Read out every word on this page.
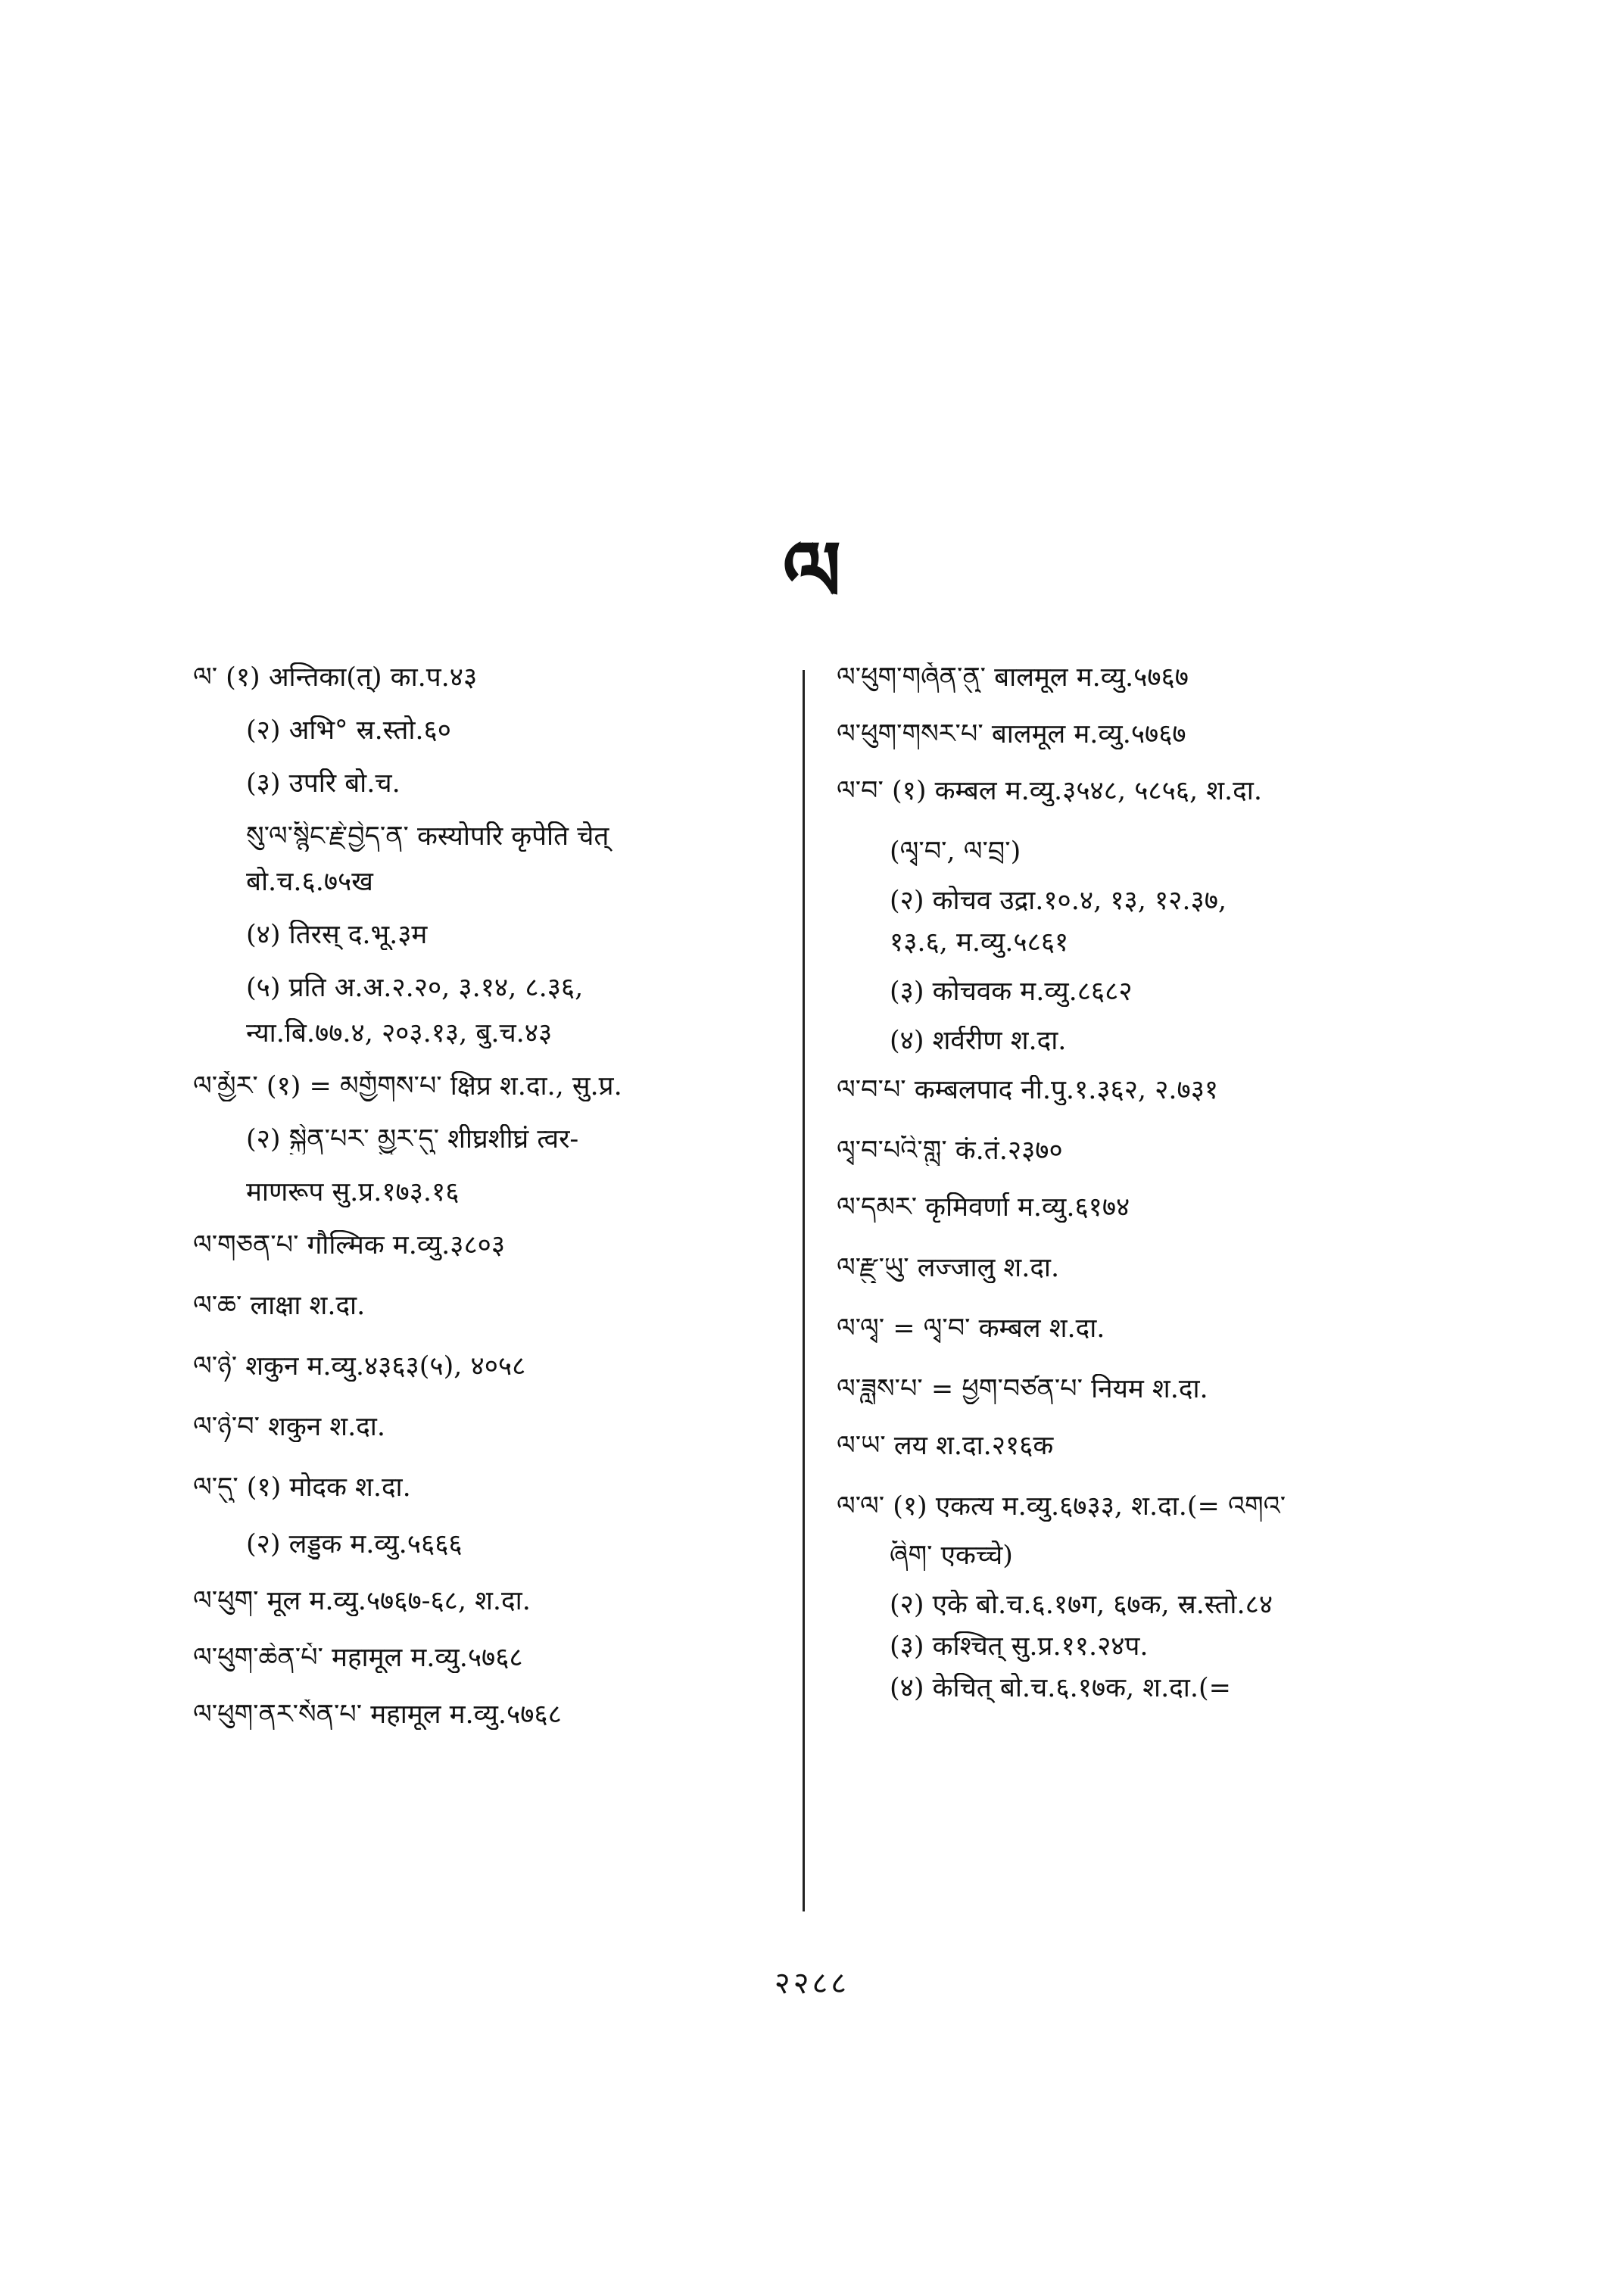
ལ
ལ་ (१) अन्तिका(त्) का.प.४३
(२) अभि° स्र.स्तो.६०
(३) उपरि बो.च.
སུ་ལ་སྙིང་རྗེ་བྱེད་ན་ कस्योपरि कृपेति चेत्
बो.च.६.७५ख
(४) तिरस् द.भू.३म
(५) प्रति अ.अ.२.२०, ३.१४, ८.३६,
न्या.बि.७७.४, २०३.१३, बु.च.४३
ལ་མྱོར་ (१) = མགྱོགས་པ་ क्षिप्र श.दा., सु.प्र.
(२) སྐྱེན་པར་ མྱུར་དུ་ शीघ्रशीघ्रं त्वर-
माणरूप सु.प्र.१७३.१६
ལ་གཅན་པ་ गौल्मिक म.व्यु.३८०३
ལ་ཆ་ लाक्षा श.दा.
ལ་ཉེ་ शकुन म.व्यु.४३६३(५), ४०५८
ལ་ཉེ་བ་ शकुन श.दा.
ལ་དུ་ (१) मोदक श.दा.
(२) लड्डुक म.व्यु.५६६६
ལ་ཕུག་ मूल म.व्यु.५७६७-६८, श.दा.
ལ་ཕུག་ཆེན་པོ་ महामूल म.व्यु.५७६८
ལ་ཕུག་ནར་སོན་པ་ महामूल म.व्यु.५७६८
ལ་ཕུག་གཞོན་ནུ་ बालमूल म.व्यु.५७६७
ལ་ཕུག་གསར་པ་ बालमूल म.व्यु.५७६७
ལ་བ་ (१) कम्बल म.व्यु.३५४८, ५८५६, श.दा.
(ལྭ་བ་, ལ་བྲ་)
(२) कोचव उद्रा.१०.४, १३, १२.३७,
१३.६, म.व्यु.५८६१
(३) कोचवक म.व्यु.८६८२
(४) शर्वरीण श.दा.
ལ་བ་པ་ कम्बलपाद नी.पु.१.३६२, २.७३१
ལྭ་བ་པའི་གླུ་ कं.तं.२३७०
ལ་དམར་ कृमिवर्णा म.व्यु.६१७४
ལ་རྫུ་ཡུ་ लज्जालु श.दा.
ལ་ལྭ་ = ལྭ་བ་ कम्बल श.दा.
ལ་ཟླས་པ་ = ཕྱག་བཙན་པ་ नियम श.दा.
ལ་ཡ་ लय श.दा.२१६क
ལ་ལ་ (१) एकत्य म.व्यु.६७३३, श.दा.(= འགའ་
ཞིག་ एकच्चे)
(२) एके बो.च.६.१७ग, ६७क, स्र.स्तो.८४
(३) कश्चित् सु.प्र.११.२४प.
(४) केचित् बो.च.६.१७क, श.दा.(=
२२८८
